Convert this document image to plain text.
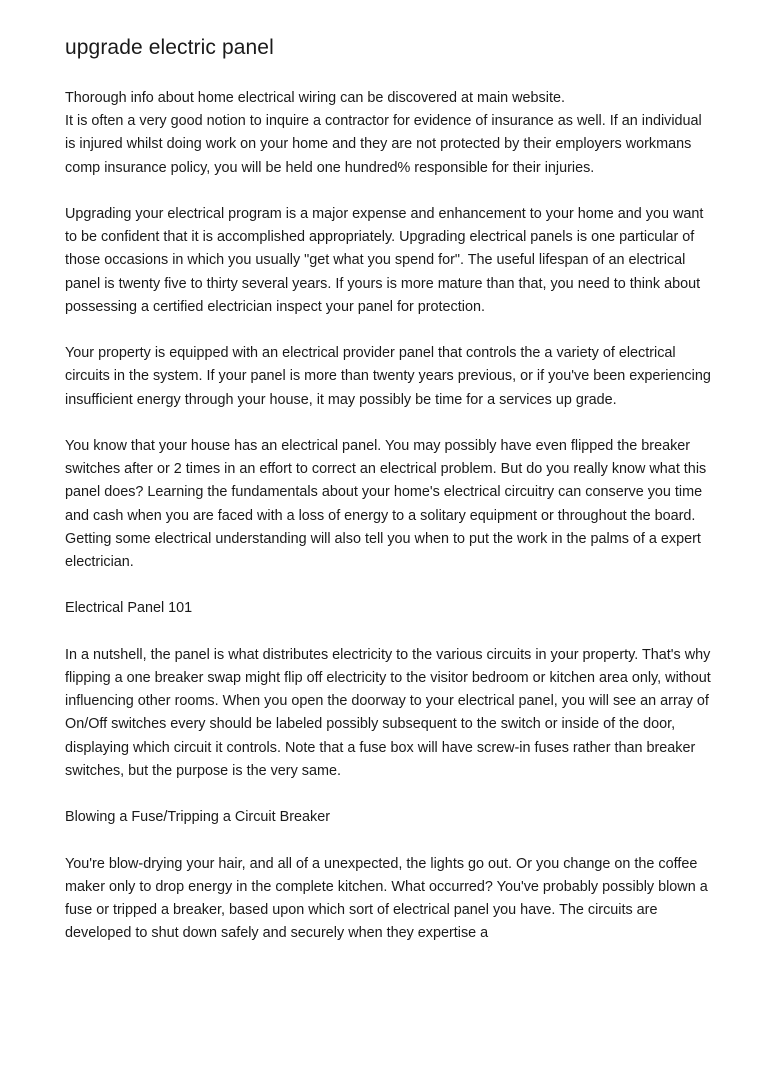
upgrade electric panel

Thorough info about home electrical wiring can be discovered at main website.
It is often a very good notion to inquire a contractor for evidence of insurance as well. If an individual is injured whilst doing work on your home and they are not protected by their employers workmans comp insurance policy, you will be held one hundred% responsible for their injuries.

Upgrading your electrical program is a major expense and enhancement to your home and you want to be confident that it is accomplished appropriately. Upgrading electrical panels is one particular of those occasions in which you usually "get what you spend for". The useful lifespan of an electrical panel is twenty five to thirty several years. If yours is more mature than that, you need to think about possessing a certified electrician inspect your panel for protection.

Your property is equipped with an electrical provider panel that controls the a variety of electrical circuits in the system. If your panel is more than twenty years previous, or if you've been experiencing insufficient energy through your house, it may possibly be time for a services up grade.

You know that your house has an electrical panel. You may possibly have even flipped the breaker switches after or 2 times in an effort to correct an electrical problem. But do you really know what this panel does? Learning the fundamentals about your home's electrical circuitry can conserve you time and cash when you are faced with a loss of energy to a solitary equipment or throughout the board. Getting some electrical understanding will also tell you when to put the work in the palms of a expert electrician.

Electrical Panel 101

In a nutshell, the panel is what distributes electricity to the various circuits in your property. That's why flipping a one breaker swap might flip off electricity to the visitor bedroom or kitchen area only, without influencing other rooms. When you open the doorway to your electrical panel, you will see an array of On/Off switches every should be labeled possibly subsequent to the switch or inside of the door, displaying which circuit it controls. Note that a fuse box will have screw-in fuses rather than breaker switches, but the purpose is the very same.

Blowing a Fuse/Tripping a Circuit Breaker

You're blow-drying your hair, and all of a unexpected, the lights go out. Or you change on the coffee maker only to drop energy in the complete kitchen. What occurred? You've probably possibly blown a fuse or tripped a breaker, based upon which sort of electrical panel you have. The circuits are developed to shut down safely and securely when they expertise a
